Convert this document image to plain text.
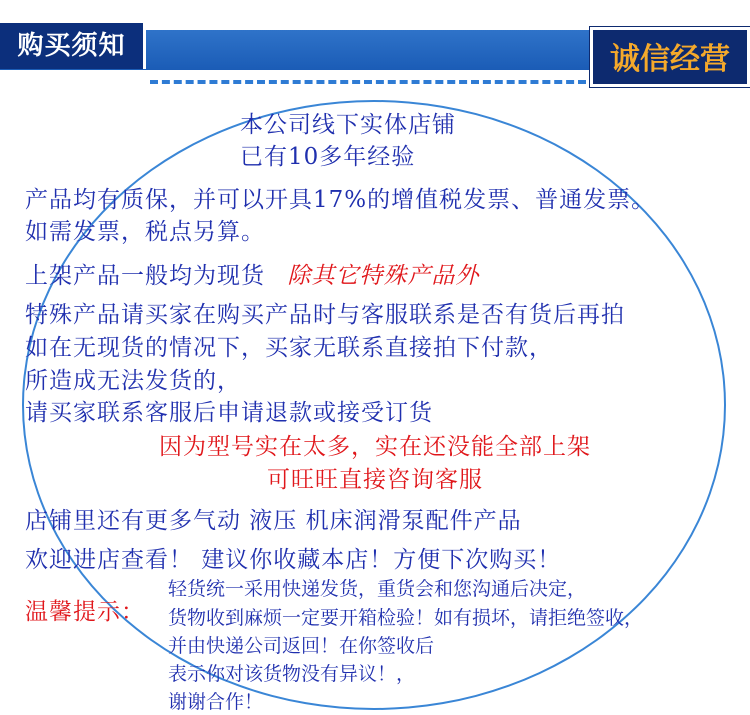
购买须知	诚信经营
本公司线下实体店铺
已有10多年经验
产品均有质保，并可以开具17%的增值税发票、普通发票。
如需发票，税点另算。
上架产品一般均为现货 除其它特殊产品外
特殊产品请买家在购买产品时与客服联系是否有货后再拍
如在无现货的情况下，买家无联系直接拍下付款，
所造成无法发货的，
请买家联系客服后申请退款或接受订货
因为型号实在太多，实在还没能全部上架
可旺旺直接咨询客服
店铺里还有更多气动 液压 机床润滑泵配件产品
欢迎进店查看！ 建议你收藏本店！方便下次购买！
温馨提示：
轻货统一采用快递发货，重货会和您沟通后决定，
货物收到麻烦一定要开箱检验！如有损坏，请拒绝签收，
并由快递公司返回！在你签收后
表示你对该货物没有异议！，
谢谢合作！
